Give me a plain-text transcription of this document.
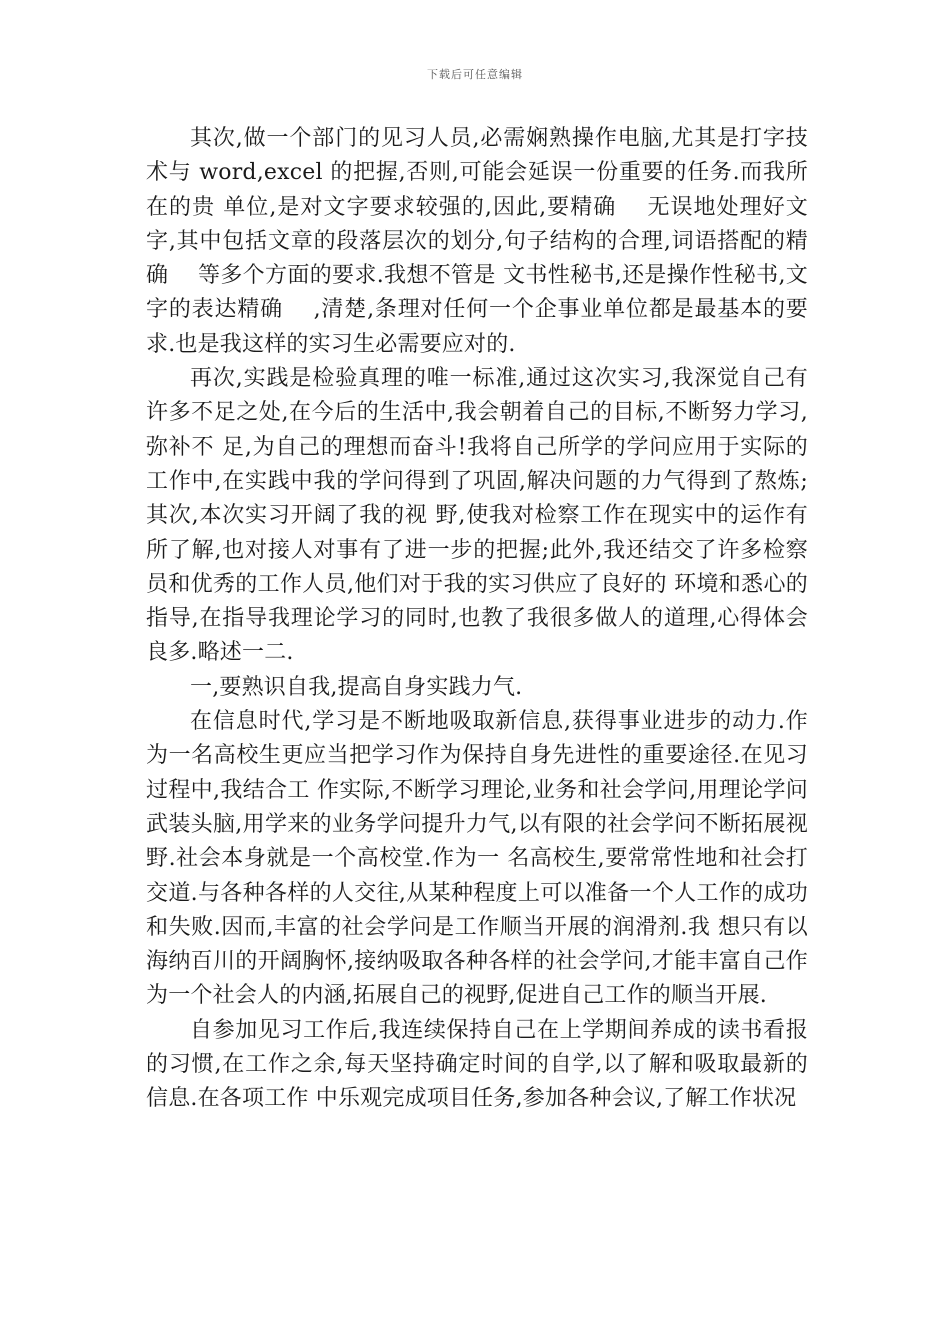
下载后可任意编辑

其次,做一个部门的见习人员,必需娴熟操作电脑,尤其是打字技术与 word,excel 的把握,否则,可能会延误一份重要的任务.而我所在的贵 单位,是对文字要求较强的,因此,要精确　 无误地处理好文字,其中包括文章的段落层次的划分,句子结构的合理,词语搭配的精确　 等多个方面的要求.我想不管是 文书性秘书,还是操作性秘书,文字的表达精确　 ,清楚,条理对任何一个企事业单位都是最基本的要求.也是我这样的实习生必需要应对的.

再次,实践是检验真理的唯一标准,通过这次实习,我深觉自己有许多不足之处,在今后的生活中,我会朝着自己的目标,不断努力学习,弥补不 足,为自己的理想而奋斗!我将自己所学的学问应用于实际的工作中,在实践中我的学问得到了巩固,解决问题的力气得到了熬炼;其次,本次实习开阔了我的视 野,使我对检察工作在现实中的运作有所了解,也对接人对事有了进一步的把握;此外,我还结交了许多检察员和优秀的工作人员,他们对于我的实习供应了良好的 环境和悉心的指导,在指导我理论学习的同时,也教了我很多做人的道理,心得体会良多.略述一二.

一,要熟识自我,提高自身实践力气.

在信息时代,学习是不断地吸取新信息,获得事业进步的动力.作为一名高校生更应当把学习作为保持自身先进性的重要途径.在见习过程中,我结合工 作实际,不断学习理论,业务和社会学问,用理论学问武装头脑,用学来的业务学问提升力气,以有限的社会学问不断拓展视野.社会本身就是一个高校堂.作为一 名高校生,要常常性地和社会打交道.与各种各样的人交往,从某种程度上可以准备一个人工作的成功和失败.因而,丰富的社会学问是工作顺当开展的润滑剂.我 想只有以海纳百川的开阔胸怀,接纳吸取各种各样的社会学问,才能丰富自己作为一个社会人的内涵,拓展自己的视野,促进自己工作的顺当开展.

自参加见习工作后,我连续保持自己在上学期间养成的读书看报的习惯,在工作之余,每天坚持确定时间的自学,以了解和吸取最新的信息.在各项工作 中乐观完成项目任务,参加各种会议,了解工作状况
